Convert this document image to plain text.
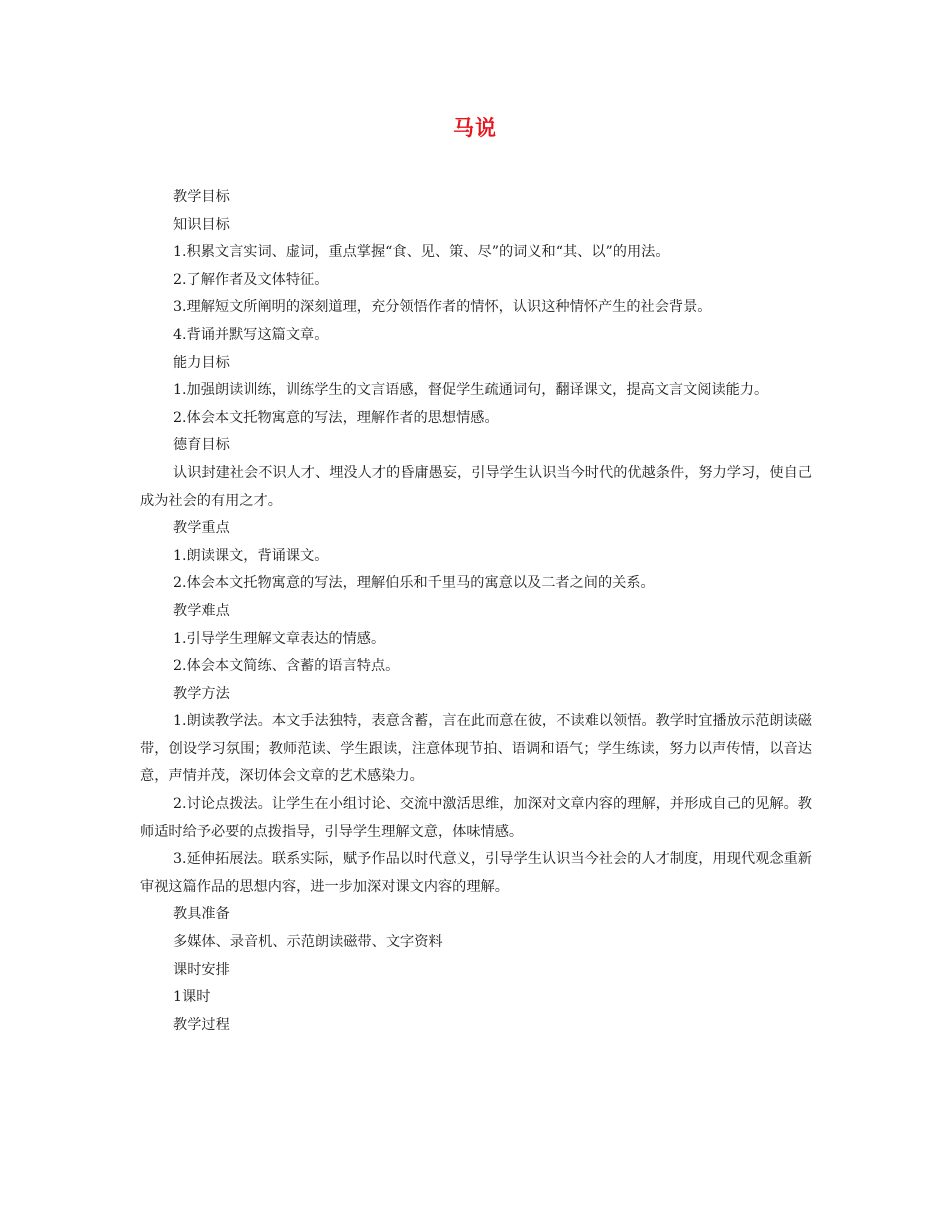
马说

教学目标

知识目标

1.积累文言实词、虚词，重点掌握“食、见、策、尽”的词义和“其、以”的用法。

2.了解作者及文体特征。

3.理解短文所阐明的深刻道理，充分领悟作者的情怀，认识这种情怀产生的社会背景。

4.背诵并默写这篇文章。

能力目标

1.加强朗读训练，训练学生的文言语感，督促学生疏通词句，翻译课文，提高文言文阅读能力。

2.体会本文托物寓意的写法，理解作者的思想情感。

德育目标

认识封建社会不识人才、埋没人才的昏庸愚妄，引导学生认识当今时代的优越条件，努力学习，使自己成为社会的有用之才。

教学重点

1.朗读课文，背诵课文。

2.体会本文托物寓意的写法，理解伯乐和千里马的寓意以及二者之间的关系。

教学难点

1.引导学生理解文章表达的情感。

2.体会本文简练、含蓄的语言特点。

教学方法

1.朗读教学法。本文手法独特，表意含蓄，言在此而意在彼，不读难以领悟。教学时宜播放示范朗读磁带，创设学习氛围；教师范读、学生跟读，注意体现节拍、语调和语气；学生练读，努力以声传情，以音达意，声情并茂，深切体会文章的艺术感染力。

2.讨论点拨法。让学生在小组讨论、交流中激活思维，加深对文章内容的理解，并形成自己的见解。教师适时给予必要的点拨指导，引导学生理解文意，体味情感。

3.延伸拓展法。联系实际，赋予作品以时代意义，引导学生认识当今社会的人才制度，用现代观念重新审视这篇作品的思想内容，进一步加深对课文内容的理解。

教具准备

多媒体、录音机、示范朗读磁带、文字资料

课时安排

1课时

教学过程
